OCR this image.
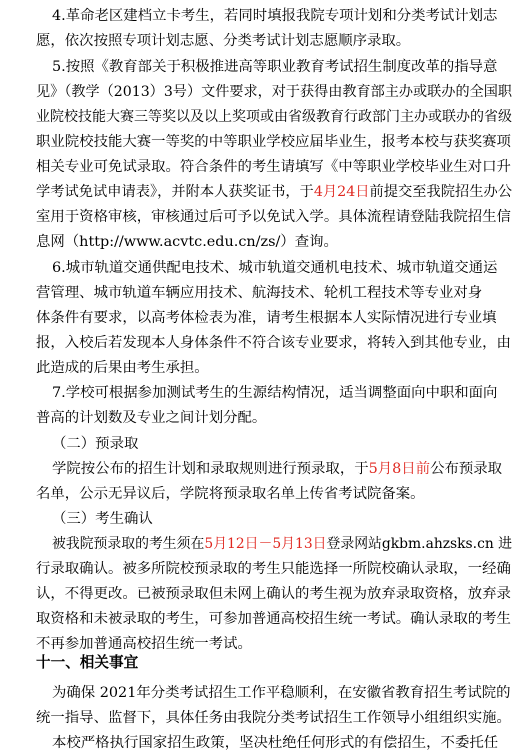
4.革命老区建档立卡考生，若同时填报我院专项计划和分类考试计划志

愿，依次按照专项计划志愿、分类考试计划志愿顺序录取。

5.按照《教育部关于积极推进高等职业教育考试招生制度改革的指导意

见》（教学（2013）3号）文件要求，对于获得由教育部主办或联办的全国职

业院校技能大赛三等奖以及以上奖项或由省级教育行政部门主办或联办的省级

职业院校技能大赛一等奖的中等职业学校应届毕业生，报考本校与获奖赛项

相关专业可免试录取。符合条件的考生请填写《中等职业学校毕业生对口升

学考试免试申请表》，并附本人获奖证书，于4月24日前提交至我院招生办公

室用于资格审核，审核通过后可予以免试入学。具体流程请登陆我院招生信

息网（http://www.acvtc.edu.cn/zs/）查询。

6.城市轨道交通供配电技术、城市轨道交通机电技术、城市轨道交通运

营管理、城市轨道车辆应用技术、航海技术、轮机工程技术等专业对身

体条件有要求，以高考体检表为准，请考生根据本人实际情况进行专业填

报，入校后若发现本人身体条件不符合该专业要求，将转入到其他专业，由

此造成的后果由考生承担。

7.学校可根据参加测试考生的生源结构情况，适当调整面向中职和面向

普高的计划数及专业之间计划分配。

（二）预录取

学院按公布的招生计划和录取规则进行预录取，于5月8日前公布预录取

名单，公示无异议后，学院将预录取名单上传省考试院备案。

（三）考生确认

被我院预录取的考生须在5月12日－5月13日登录网站gkbm.ahzsks.cn 进

行录取确认。被多所院校预录取的考生只能选择一所院校确认录取，一经确

认，不得更改。已被预录取但未网上确认的考生视为放弃录取资格，放弃录

取资格和未被录取的考生，可参加普通高校招生统一考试。确认录取的考生

不再参加普通高校招生统一考试。

十一、相关事宜

为确保 2021年分类考试招生工作平稳顺利，在安徽省教育招生考试院的

统一指导、监督下，具体任务由我院分类考试招生工作领导小组组织实施。

本校严格执行国家招生政策，坚决杜绝任何形式的有偿招生，不委托任
